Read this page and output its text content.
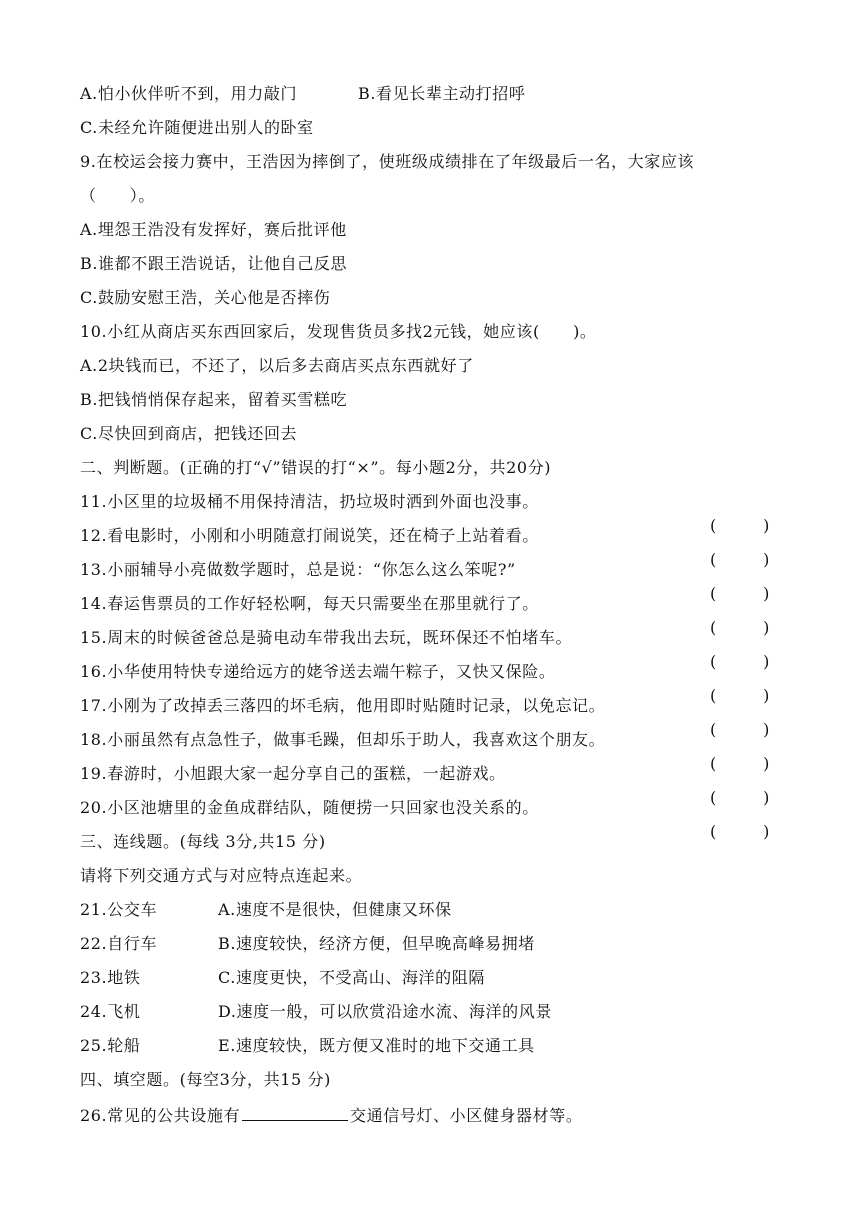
A.怕小伙伴听不到，用力敲门	B.看见长辈主动打招呼
C.未经允许随便进出别人的卧室
9.在校运会接力赛中，王浩因为摔倒了，使班级成绩排在了年级最后一名，大家应该
（　　）。
A.埋怨王浩没有发挥好，赛后批评他
B.谁都不跟王浩说话，让他自己反思
C.鼓励安慰王浩，关心他是否摔伤
10.小红从商店买东西回家后，发现售货员多找2元钱，她应该(　　)。
A.2块钱而已，不还了，以后多去商店买点东西就好了
B.把钱悄悄保存起来，留着买雪糕吃
C.尽快回到商店，把钱还回去
二、判断题。(正确的打“√”错误的打“×”。每小题2分，共20分)
11.小区里的垃圾桶不用保持清洁，扔垃圾时洒到外面也没事。
(	)
12.看电影时，小刚和小明随意打闹说笑，还在椅子上站着看。
(	)
13.小丽辅导小亮做数学题时，总是说：“你怎么这么笨呢?”
(	)
14.春运售票员的工作好轻松啊，每天只需要坐在那里就行了。
(	)
15.周末的时候爸爸总是骑电动车带我出去玩，既环保还不怕堵车。
(	)
16.小华使用特快专递给远方的姥爷送去端午粽子，又快又保险。
(	)
17.小刚为了改掉丢三落四的坏毛病，他用即时贴随时记录，以免忘记。
(	)
18.小丽虽然有点急性子，做事毛躁，但却乐于助人，我喜欢这个朋友。
(	)
19.春游时，小旭跟大家一起分享自己的蛋糕，一起游戏。
(	)
20.小区池塘里的金鱼成群结队，随便捞一只回家也没关系的。
(	)
三、连线题。(每线 3分,共15 分)
请将下列交通方式与对应特点连起来。
21.公交车	A.速度不是很快，但健康又环保
22.自行车	B.速度较快，经济方便，但早晚高峰易拥堵
23.地铁	C.速度更快，不受高山、海洋的阻隔
24.飞机	D.速度一般，可以欣赏沿途水流、海洋的风景
25.轮船	E.速度较快，既方便又准时的地下交通工具
四、填空题。(每空3分，共15 分)
26.常见的公共设施有	交通信号灯、小区健身器材等。
